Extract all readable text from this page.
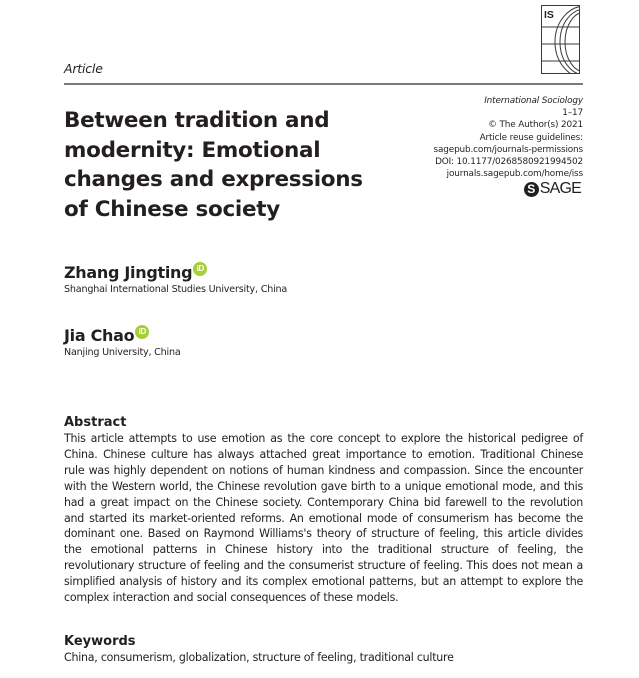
IS
Article
International Sociology
1–17
© The Author(s) 2021
Article reuse guidelines:
sagepub.com/journals-permissions
DOI: 10.1177/0268580921994502
journals.sagepub.com/home/iss
S SAGE
Between tradition and
modernity: Emotional
changes and expressions
of Chinese society
Zhang Jingting iD
Shanghai International Studies University, China
Jia Chao iD
Nanjing University, China
Abstract
This article attempts to use emotion as the core concept to explore the historical pedigree of China. Chinese culture has always attached great importance to emotion. Traditional Chinese rule was highly dependent on notions of human kindness and compassion. Since the encounter with the Western world, the Chinese revolution gave birth to a unique emotional mode, and this had a great impact on the Chinese society. Contemporary China bid farewell to the revolution and started its market-oriented reforms. An emotional mode of consumerism has become the dominant one. Based on Raymond Williams's theory of structure of feeling, this article divides the emotional patterns in Chinese history into the traditional structure of feeling, the revolutionary structure of feeling and the consumerist structure of feeling. This does not mean a simplified analysis of history and its complex emotional patterns, but an attempt to explore the complex interaction and social consequences of these models.
Keywords
China, consumerism, globalization, structure of feeling, traditional culture
